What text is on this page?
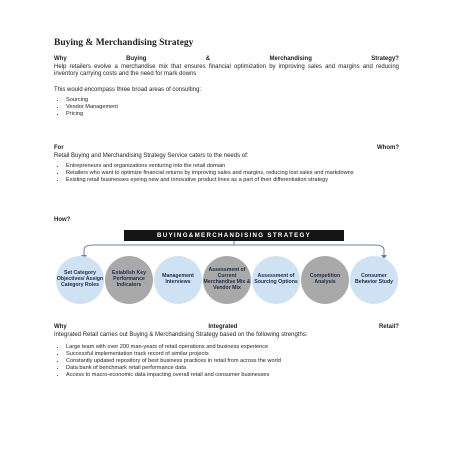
Buying & Merchandising Strategy
Why	Buying	&	Merchandising	Strategy?
Help retailers evolve a merchandise mix that ensures financial optimization by improving sales and margins and reducing inventory carrying costs and the need for mark downs
This would encompass three broad areas of consulting:
• Sourcing
• Vendor Management
• Pricing
For	Whom?
Retail Buying and Merchandising Strategy Service caters to the needs of:
• Entrepreneurs and organizations venturing into the retail domain
• Retailers who want to optimize financial returns by improving sales and margins, reducing lost sales and markdowns
• Existing retail businesses eyeing new and innovative product lines as a part of their differentiation strategy
How?
BUYING&MERCHANDISING STRATEGY
Set Category Objectives/ Assign Category Roles
Establish Key Performance Indicators
Management Interviews
Assessment of Current Merchandise Mix & Vendor Mix
Assessment of Sourcing Options
Competition Analysis
Consumer Behavior Study
Why	Integrated	Retail?
Integrated Retail carries out Buying & Merchandising Strategy based on the following strengths:
• Large team with over 200 man-years of retail operations and business experience
• Successful implementation track record of similar projects
• Constantly updated repository of best business practices in retail from across the world
• Data bank of benchmark retail performance data
• Access to macro-economic data impacting overall retail and consumer businesses
